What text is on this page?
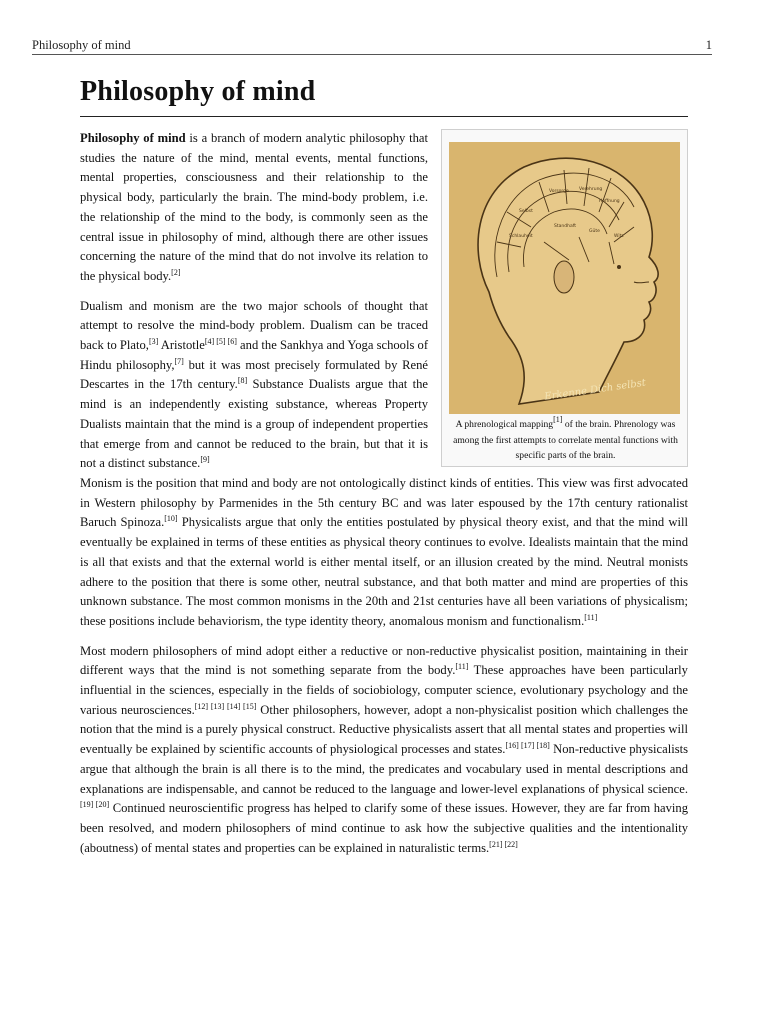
Philosophy of mind	1
Philosophy of mind

Philosophy of mind is a branch of modern analytic philosophy that studies the nature of the mind, mental events, mental functions, mental properties, consciousness and their relationship to the physical body, particularly the brain. The mind-body problem, i.e. the relationship of the mind to the body, is commonly seen as the central issue in philosophy of mind, although there are other issues concerning the nature of the mind that do not involve its relation to the physical body.[2]

Dualism and monism are the two major schools of thought that attempt to resolve the mind-body problem. Dualism can be traced back to Plato,[3] Aristotle[4] [5] [6] and the Sankhya and Yoga schools of Hindu philosophy,[7] but it was most precisely formulated by René Descartes in the 17th century.[8] Substance Dualists argue that the mind is an independently existing substance, whereas Property Dualists maintain that the mind is a group of independent properties that emerge from and cannot be reduced to the brain, but that it is not a distinct substance.[9]

Vorsorge Verehrung
Selbst
Hoffnung
Schlauheit
Standhaft
Güte
Witz
Erkenne Dich selbst
A phrenological mapping[1] of the brain. Phrenology was among the first attempts to correlate mental functions with specific parts of the brain.

Monism is the position that mind and body are not ontologically distinct kinds of entities. This view was first advocated in Western philosophy by Parmenides in the 5th century BC and was later espoused by the 17th century rationalist Baruch Spinoza.[10] Physicalists argue that only the entities postulated by physical theory exist, and that the mind will eventually be explained in terms of these entities as physical theory continues to evolve. Idealists maintain that the mind is all that exists and that the external world is either mental itself, or an illusion created by the mind. Neutral monists adhere to the position that there is some other, neutral substance, and that both matter and mind are properties of this unknown substance. The most common monisms in the 20th and 21st centuries have all been variations of physicalism; these positions include behaviorism, the type identity theory, anomalous monism and functionalism.[11]

Most modern philosophers of mind adopt either a reductive or non-reductive physicalist position, maintaining in their different ways that the mind is not something separate from the body.[11] These approaches have been particularly influential in the sciences, especially in the fields of sociobiology, computer science, evolutionary psychology and the various neurosciences.[12] [13] [14] [15] Other philosophers, however, adopt a non-physicalist position which challenges the notion that the mind is a purely physical construct. Reductive physicalists assert that all mental states and properties will eventually be explained by scientific accounts of physiological processes and states.[16] [17] [18] Non-reductive physicalists argue that although the brain is all there is to the mind, the predicates and vocabulary used in mental descriptions and explanations are indispensable, and cannot be reduced to the language and lower-level explanations of physical science.[19] [20] Continued neuroscientific progress has helped to clarify some of these issues. However, they are far from having been resolved, and modern philosophers of mind continue to ask how the subjective qualities and the intentionality (aboutness) of mental states and properties can be explained in naturalistic terms.[21] [22]
